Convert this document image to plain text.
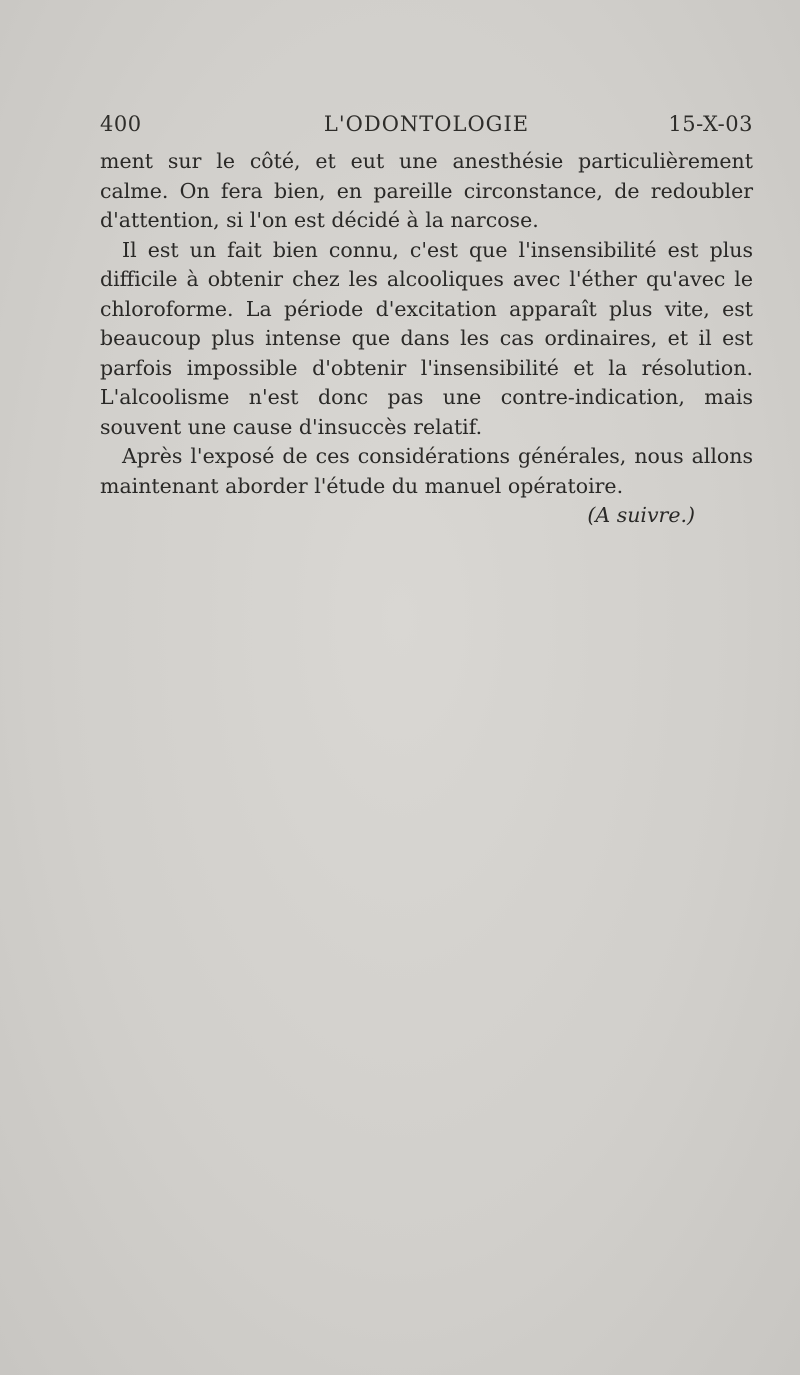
400	L'ODONTOLOGIE	15-X-03

ment sur le côté, et eut une anesthésie particulièrement calme. On fera bien, en pareille circonstance, de redoubler d'attention, si l'on est décidé à la narcose.

Il est un fait bien connu, c'est que l'insensibilité est plus difficile à obtenir chez les alcooliques avec l'éther qu'avec le chloroforme. La période d'excitation apparaît plus vite, est beaucoup plus intense que dans les cas ordinaires, et il est parfois impossible d'obtenir l'insensibilité et la résolution. L'alcoolisme n'est donc pas une contre-indication, mais souvent une cause d'insuccès relatif.

Après l'exposé de ces considérations générales, nous allons maintenant aborder l'étude du manuel opératoire.

(A suivre.)
